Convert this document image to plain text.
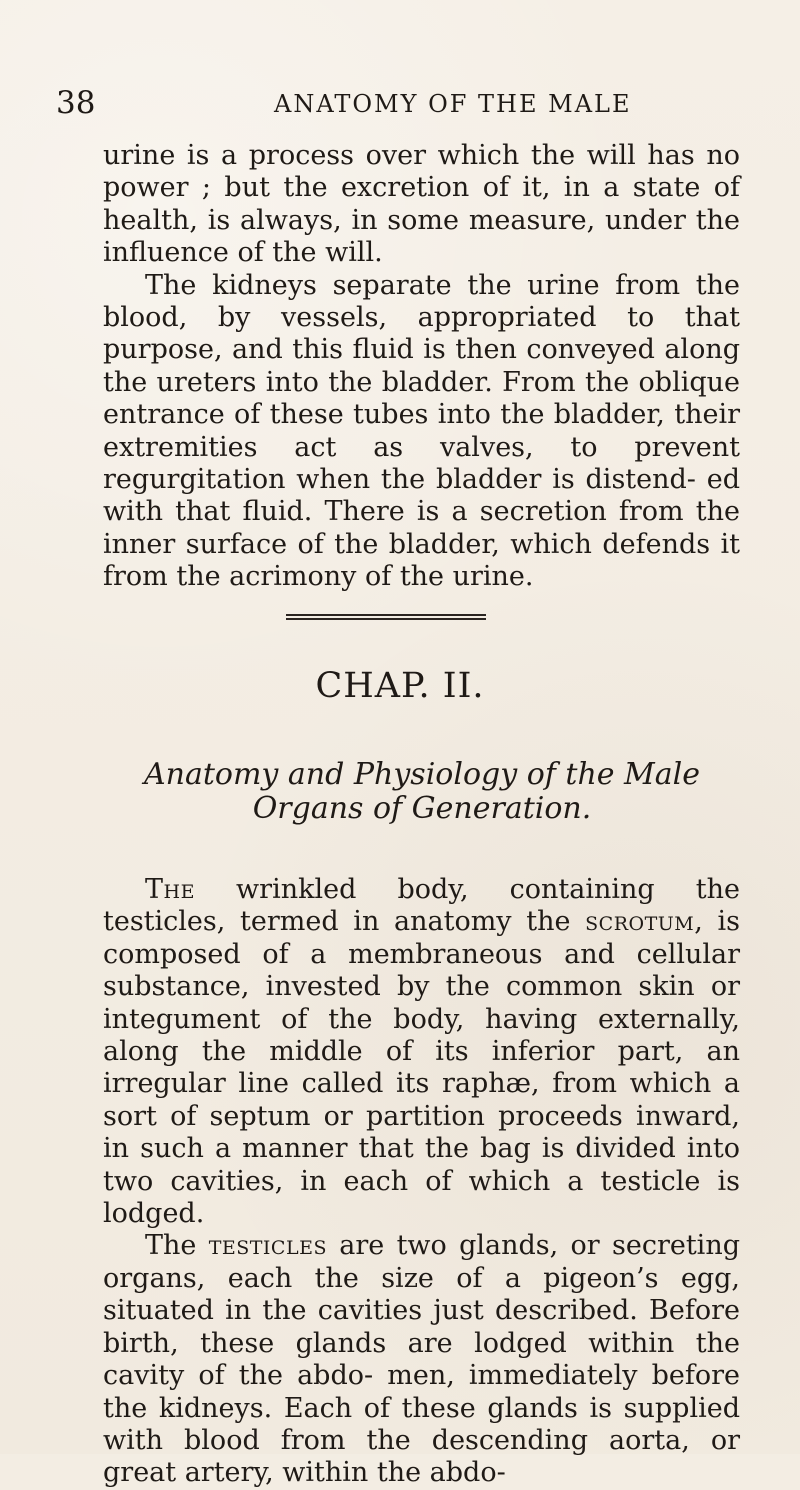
38	ANATOMY OF THE MALE

urine is a process over which the will has no power ; but the excretion of it, in a state of health, is always, in some measure, under the influence of the will.

The kidneys separate the urine from the blood, by vessels, appropriated to that purpose, and this fluid is then conveyed along the ureters into the bladder. From the oblique entrance of these tubes into the bladder, their extremities act as valves, to prevent regurgitation when the bladder is distend- ed with that fluid. There is a secretion from the inner surface of the bladder, which defends it from the acrimony of the urine.

CHAP. II.
Anatomy and Physiology of the Male Organs of Generation.

The wrinkled body, containing the testicles, termed in anatomy the scrotum, is composed of a membraneous and cellular substance, invested by the common skin or integument of the body, having externally, along the middle of its inferior part, an irregular line called its raphæ, from which a sort of septum or partition proceeds inward, in such a manner that the bag is divided into two cavities, in each of which a testicle is lodged.

The testicles are two glands, or secreting organs, each the size of a pigeon’s egg, situated in the cavities just described. Before birth, these glands are lodged within the cavity of the abdo- men, immediately before the kidneys. Each of these glands is supplied with blood from the descending aorta, or great artery, within the abdo-
